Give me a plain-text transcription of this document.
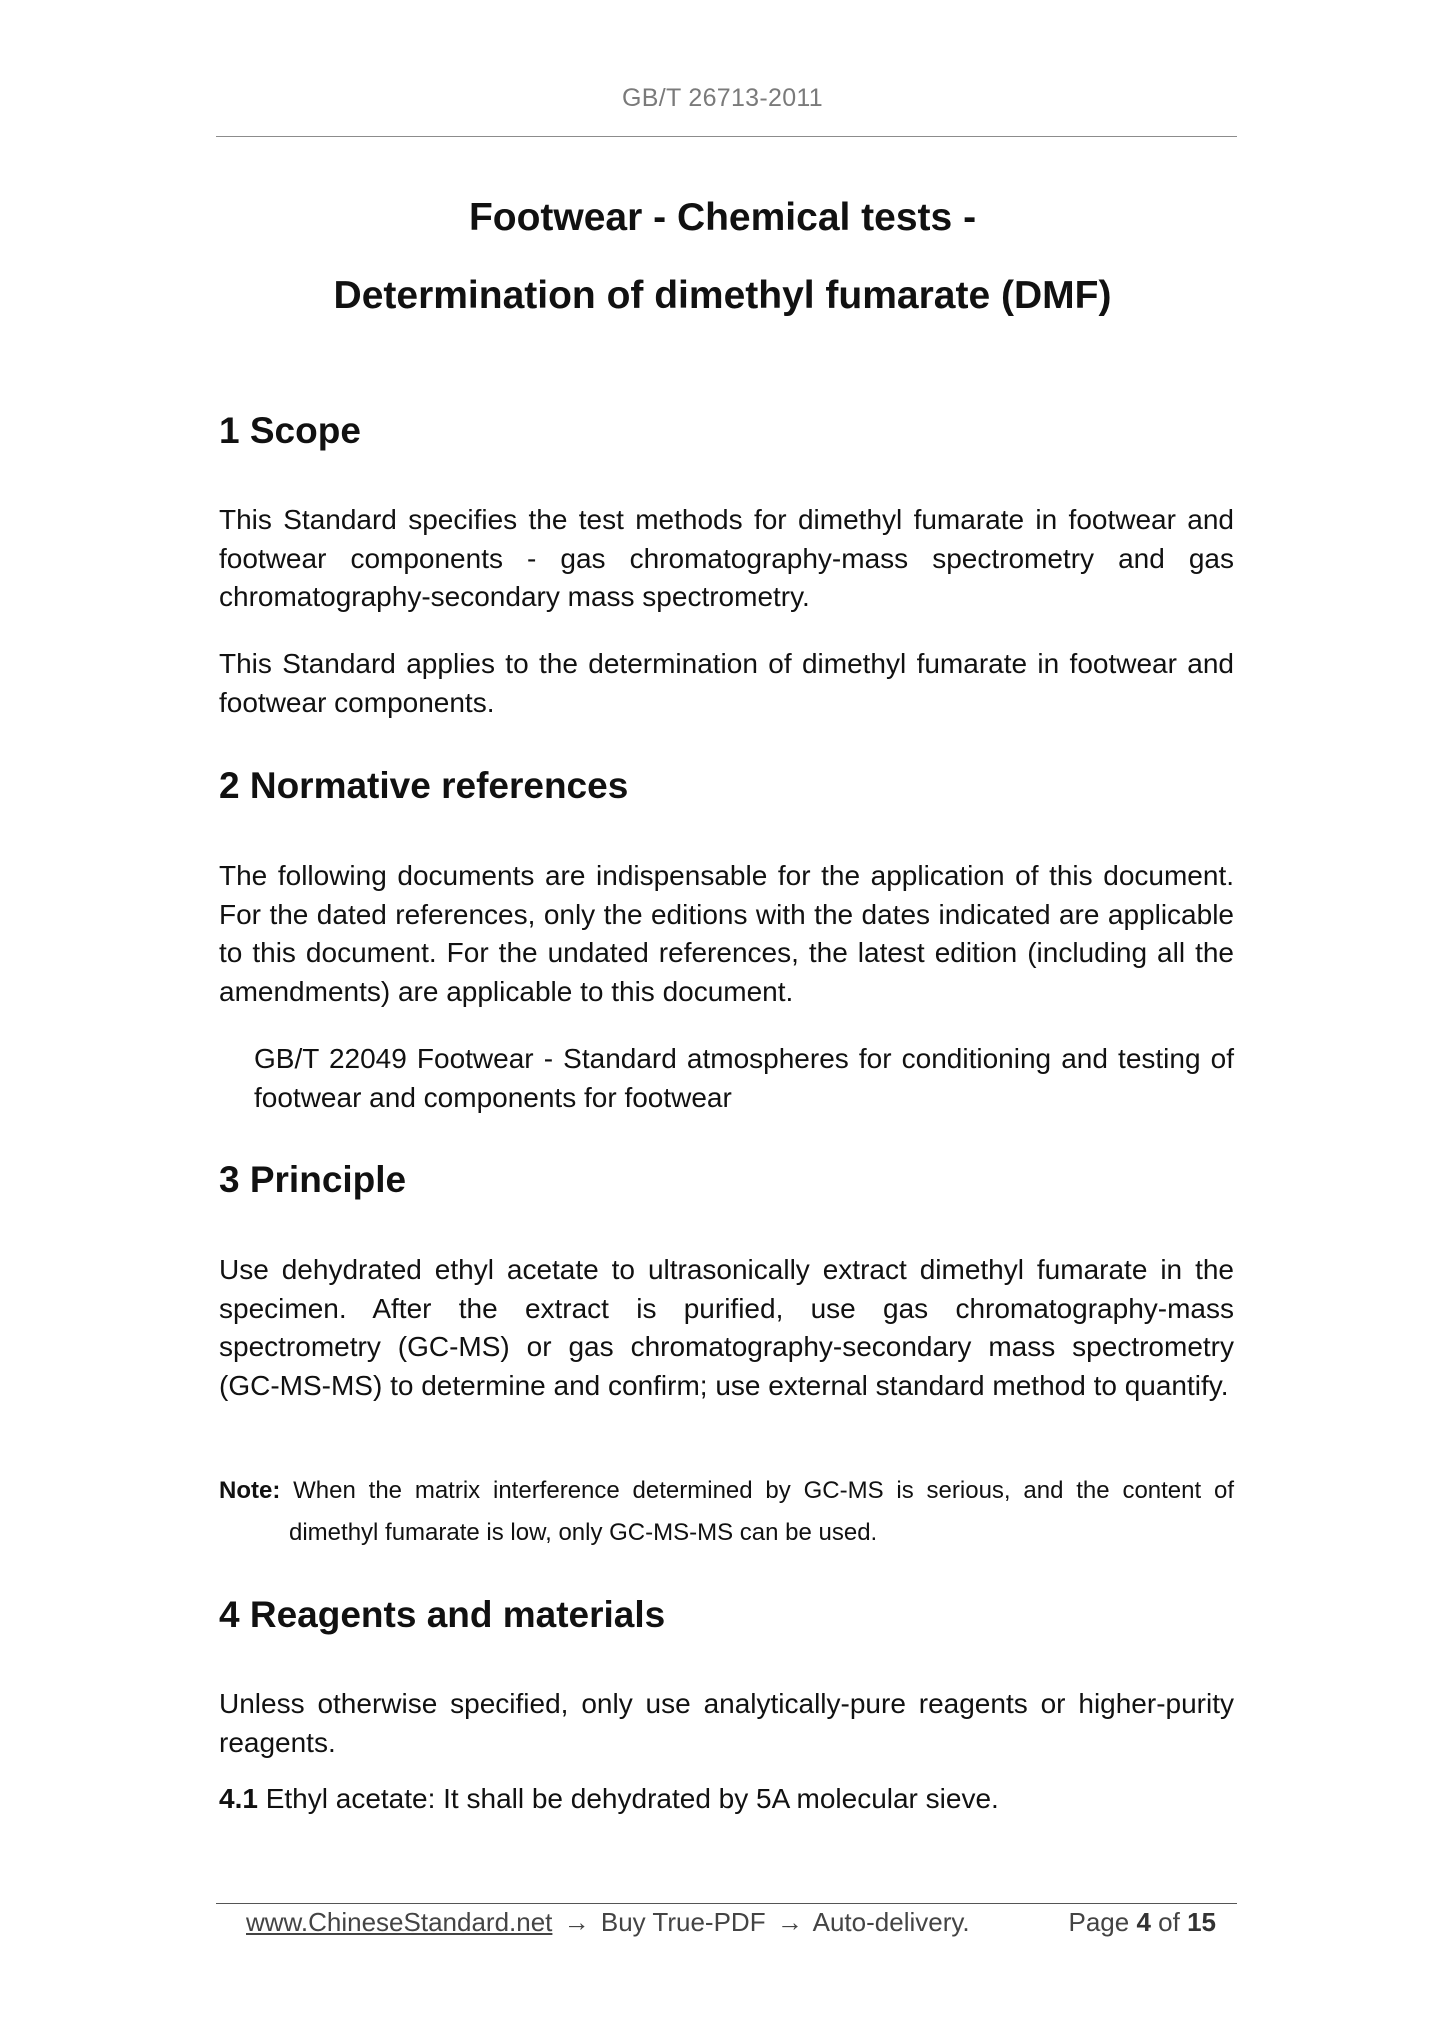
GB/T 26713-2011
Footwear - Chemical tests -
Determination of dimethyl fumarate (DMF)
1 Scope

This Standard specifies the test methods for dimethyl fumarate in footwear and footwear components - gas chromatography-mass spectrometry and gas chromatography-secondary mass spectrometry.

This Standard applies to the determination of dimethyl fumarate in footwear and footwear components.

2 Normative references

The following documents are indispensable for the application of this document. For the dated references, only the editions with the dates indicated are applicable to this document. For the undated references, the latest edition (including all the amendments) are applicable to this document.

GB/T 22049 Footwear - Standard atmospheres for conditioning and testing of footwear and components for footwear

3 Principle

Use dehydrated ethyl acetate to ultrasonically extract dimethyl fumarate in the specimen. After the extract is purified, use gas chromatography-mass spectrometry (GC-MS) or gas chromatography-secondary mass spectrometry (GC-MS-MS) to determine and confirm; use external standard method to quantify.

Note: When the matrix interference determined by GC-MS is serious, and the content of
dimethyl fumarate is low, only GC-MS-MS can be used.
4 Reagents and materials

Unless otherwise specified, only use analytically-pure reagents or higher-purity reagents.

4.1 Ethyl acetate: It shall be dehydrated by 5A molecular sieve.

www.ChineseStandard.net → Buy True-PDF → Auto-delivery.	Page 4 of 15
